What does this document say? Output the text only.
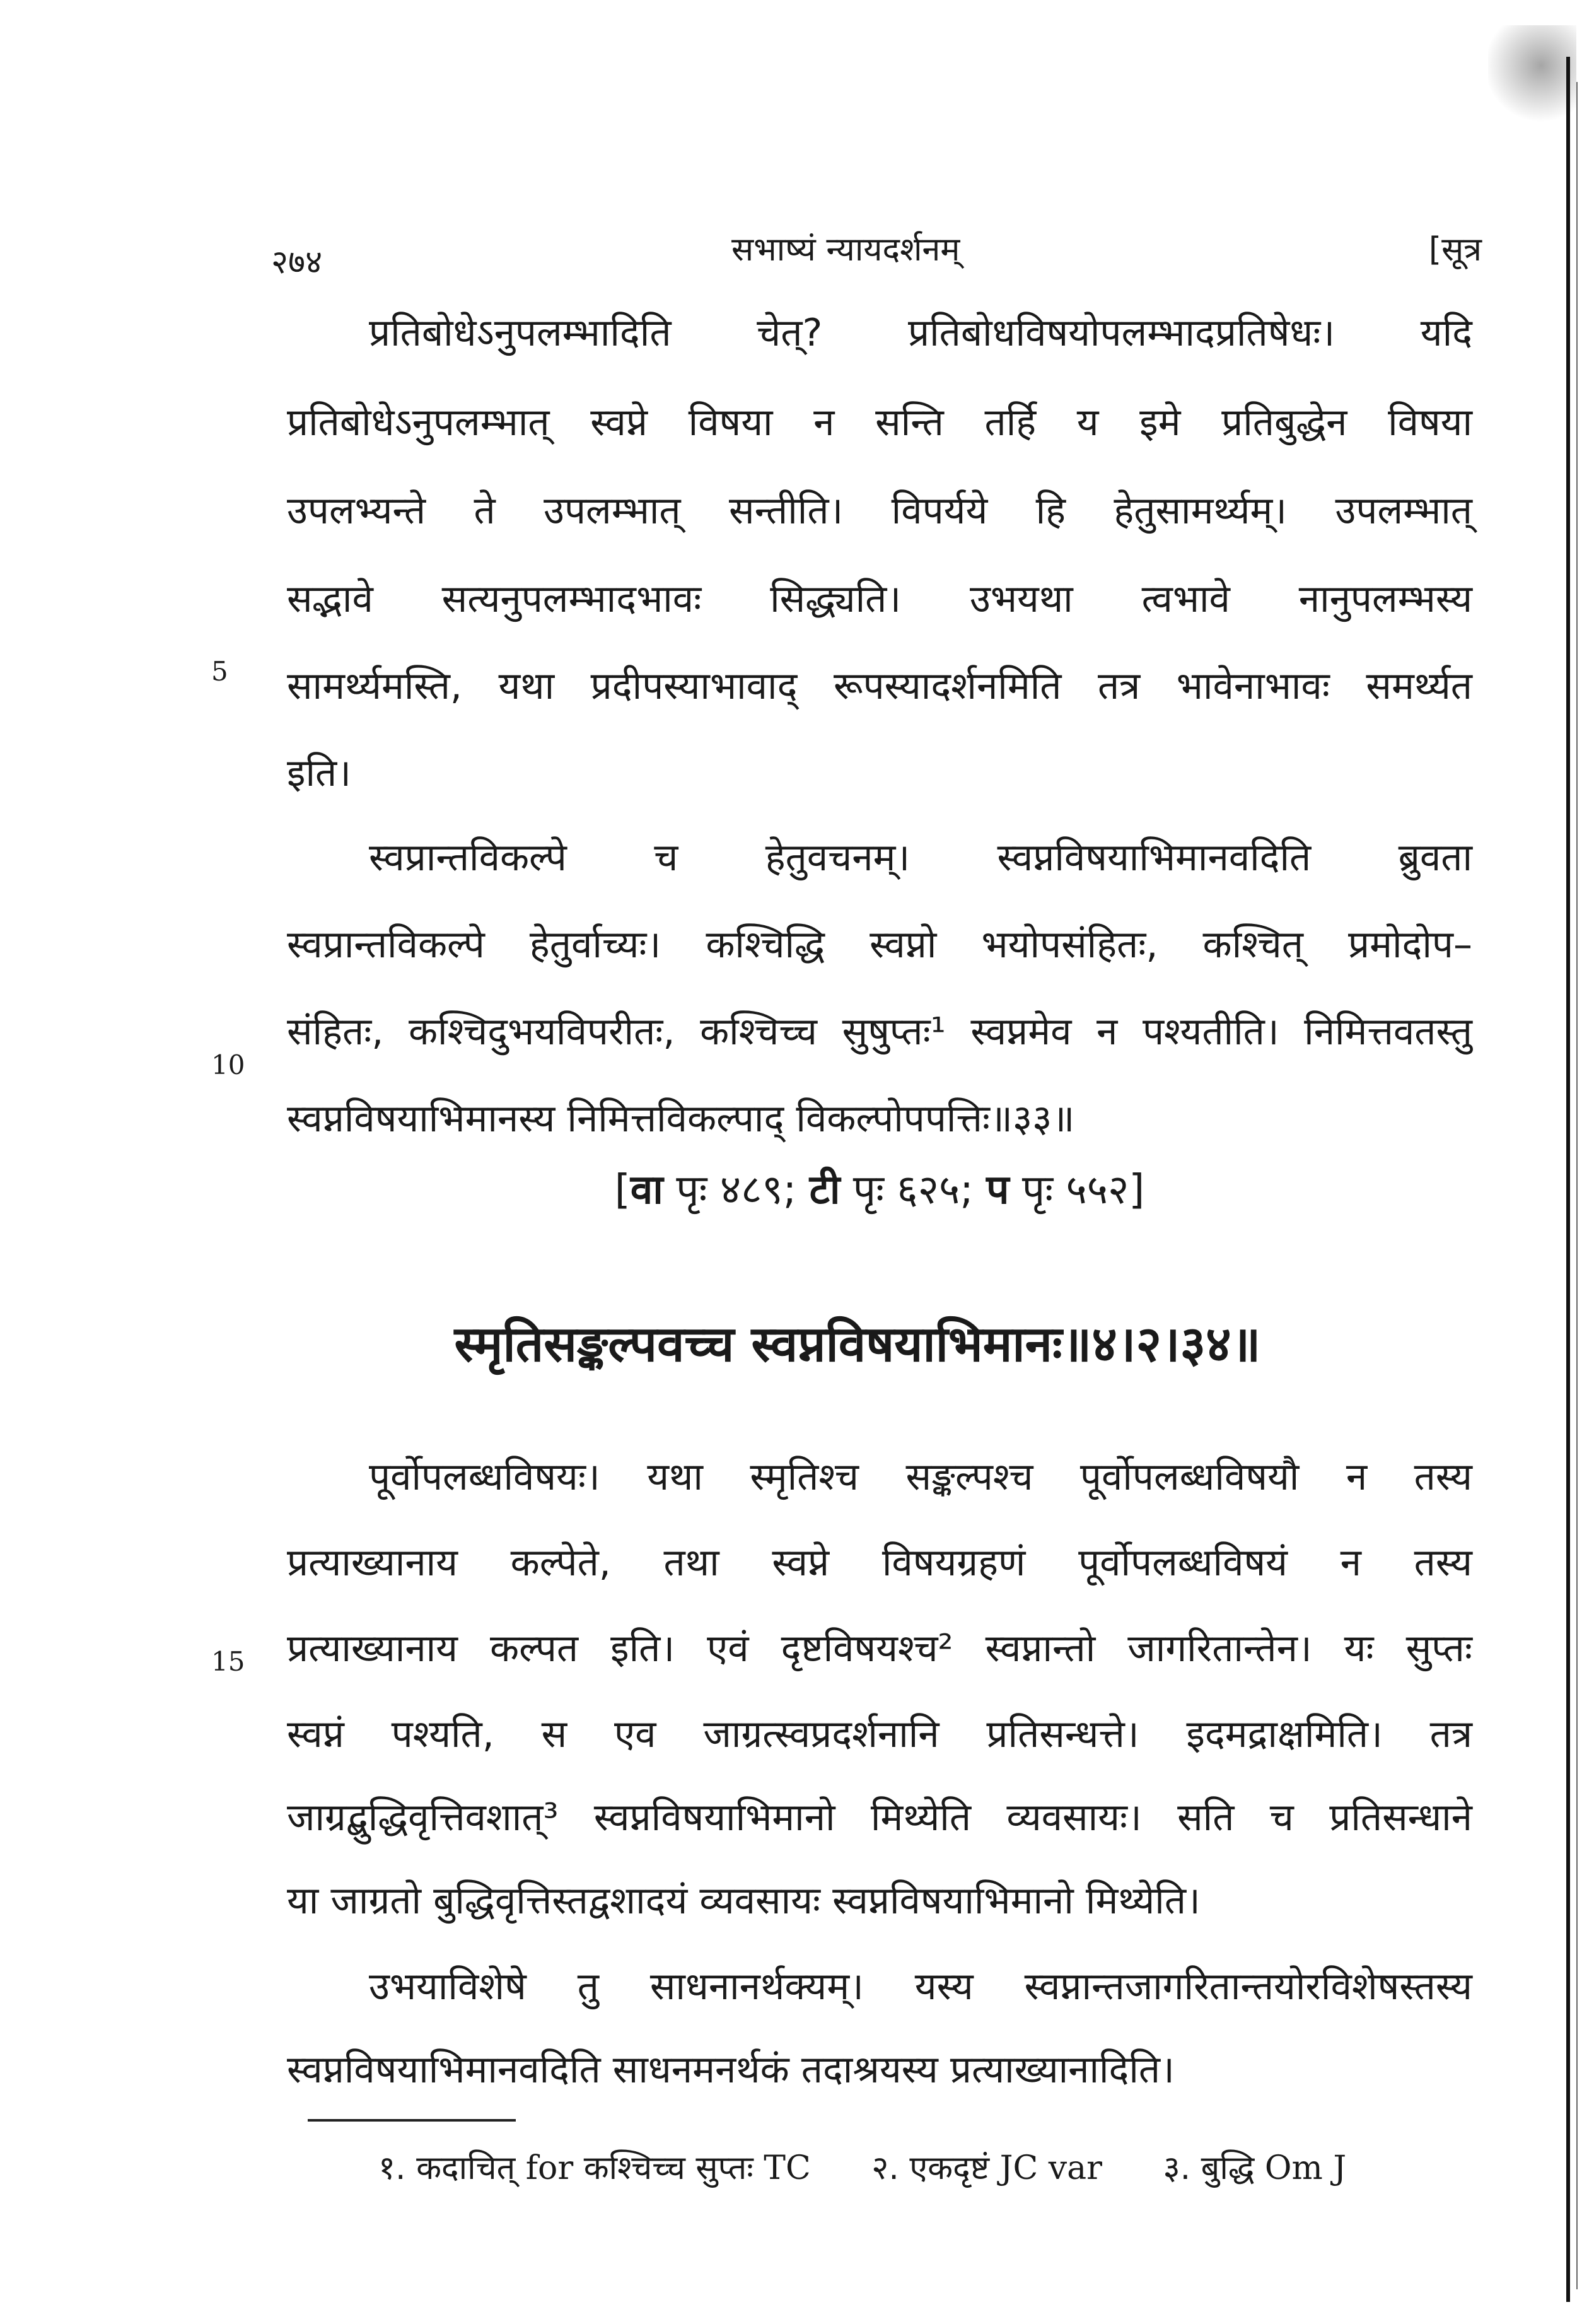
२७४	सभाष्यं न्यायदर्शनम्	[सूत्र
प्रतिबोधेऽनुपलम्भादिति चेत्? प्रतिबोधविषयोपलम्भादप्रतिषेधः। यदि
प्रतिबोधेऽनुपलम्भात् स्वप्ने विषया न सन्ति तर्हि य इमे प्रतिबुद्धेन विषया
उपलभ्यन्ते ते उपलम्भात् सन्तीति। विपर्यये हि हेतुसामर्थ्यम्। उपलम्भात्
सद्भावे सत्यनुपलम्भादभावः सिद्ध्यति। उभयथा त्वभावे नानुपलम्भस्य
सामर्थ्यमस्ति, यथा प्रदीपस्याभावाद् रूपस्यादर्शनमिति तत्र भावेनाभावः समर्थ्यत
इति।
स्वप्रान्तविकल्पे च हेतुवचनम्। स्वप्नविषयाभिमानवदिति ब्रुवता
स्वप्रान्तविकल्पे हेतुर्वाच्यः। कश्चिद्धि स्वप्नो भयोपसंहितः, कश्चित् प्रमोदोप–
संहितः, कश्चिदुभयविपरीतः, कश्चिच्च सुषुप्तः¹ स्वप्नमेव न पश्यतीति। निमित्तवतस्तु
स्वप्नविषयाभिमानस्य निमित्तविकल्पाद् विकल्पोपपत्तिः॥३३॥
[वा पृः ४८९; टी पृः ६२५; प पृः ५५२]
स्मृतिसङ्कल्पवच्च स्वप्नविषयाभिमानः॥४।२।३४॥
पूर्वोपलब्धविषयः। यथा स्मृतिश्च सङ्कल्पश्च पूर्वोपलब्धविषयौ न तस्य
प्रत्याख्यानाय कल्पेते, तथा स्वप्ने विषयग्रहणं पूर्वोपलब्धविषयं न तस्य
प्रत्याख्यानाय कल्पत इति। एवं दृष्टविषयश्च² स्वप्नान्तो जागरितान्तेन। यः सुप्तः
स्वप्नं पश्यति, स एव जाग्रत्स्वप्रदर्शनानि प्रतिसन्धत्ते। इदमद्राक्षमिति। तत्र
जाग्रद्बुद्धिवृत्तिवशात्³ स्वप्नविषयाभिमानो मिथ्येति व्यवसायः। सति च प्रतिसन्धाने
या जाग्रतो बुद्धिवृत्तिस्तद्वशादयं व्यवसायः स्वप्नविषयाभिमानो मिथ्येति।
उभयाविशेषे तु साधनानर्थक्यम्। यस्य स्वप्नान्तजागरितान्तयोरविशेषस्तस्य
स्वप्नविषयाभिमानवदिति साधनमनर्थकं तदाश्रयस्य प्रत्याख्यानादिति।
5
10
15
१. कदाचित् for कश्चिच्च सुप्तः TC २. एकदृष्टं JC var ३. बुद्धि Om J
